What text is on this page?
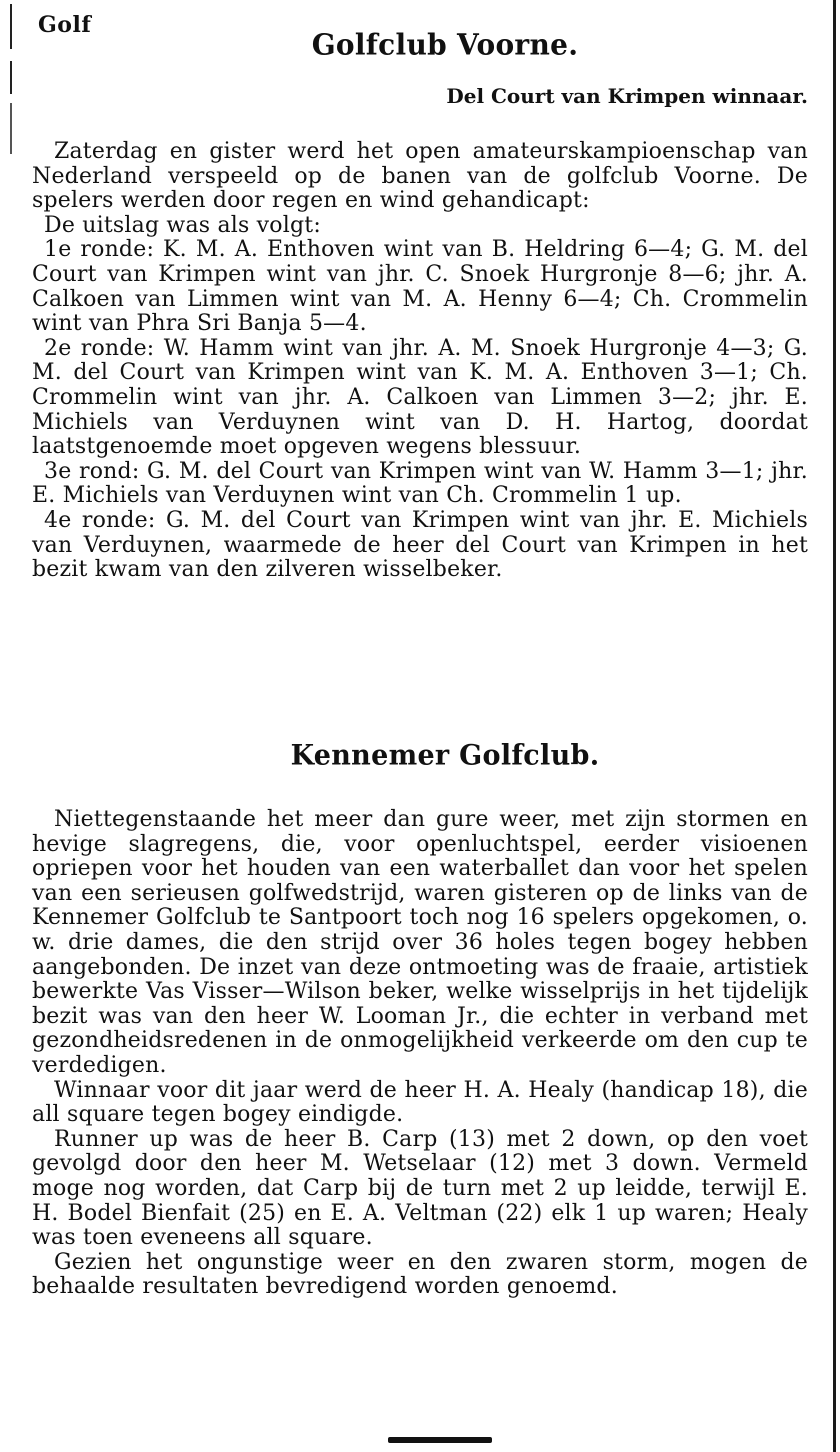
Golf
Golfclub Voorne.
Del Court van Krimpen winnaar.

Zaterdag en gister werd het open amateurskampioenschap van Nederland verspeeld op de banen van de golfclub Voorne. De spelers werden door regen en wind gehandicapt:

De uitslag was als volgt:

1e ronde: K. M. A. Enthoven wint van B. Heldring 6—4; G. M. del Court van Krimpen wint van jhr. C. Snoek Hurgronje 8—6; jhr. A. Calkoen van Limmen wint van M. A. Henny 6—4; Ch. Crommelin wint van Phra Sri Banja 5—4.

2e ronde: W. Hamm wint van jhr. A. M. Snoek Hurgronje 4—3; G. M. del Court van Krimpen wint van K. M. A. Enthoven 3—1; Ch. Crommelin wint van jhr. A. Calkoen van Limmen 3—2; jhr. E. Michiels van Verduynen wint van D. H. Hartog, doordat laatstgenoemde moet opgeven wegens blessuur.

3e rond: G. M. del Court van Krimpen wint van W. Hamm 3—1; jhr. E. Michiels van Verduynen wint van Ch. Crommelin 1 up.

4e ronde: G. M. del Court van Krimpen wint van jhr. E. Michiels van Verduynen, waarmede de heer del Court van Krimpen in het bezit kwam van den zilveren wisselbeker.

Kennemer Golfclub.

Niettegenstaande het meer dan gure weer, met zijn stormen en hevige slagregens, die, voor openluchtspel, eerder visioenen opriepen voor het houden van een waterballet dan voor het spelen van een serieusen golfwedstrijd, waren gisteren op de links van de Kennemer Golfclub te Santpoort toch nog 16 spelers opgekomen, o. w. drie dames, die den strijd over 36 holes tegen bogey hebben aangebonden. De inzet van deze ontmoeting was de fraaie, artistiek bewerkte Vas Visser—Wilson beker, welke wisselprijs in het tijdelijk bezit was van den heer W. Looman Jr., die echter in verband met gezondheidsredenen in de onmogelijkheid verkeerde om den cup te verdedigen.

Winnaar voor dit jaar werd de heer H. A. Healy (handicap 18), die all square tegen bogey eindigde.

Runner up was de heer B. Carp (13) met 2 down, op den voet gevolgd door den heer M. Wetselaar (12) met 3 down. Vermeld moge nog worden, dat Carp bij de turn met 2 up leidde, terwijl E. H. Bodel Bienfait (25) en E. A. Veltman (22) elk 1 up waren; Healy was toen eveneens all square.

Gezien het ongunstige weer en den zwaren storm, mogen de behaalde resultaten bevredigend worden genoemd.
